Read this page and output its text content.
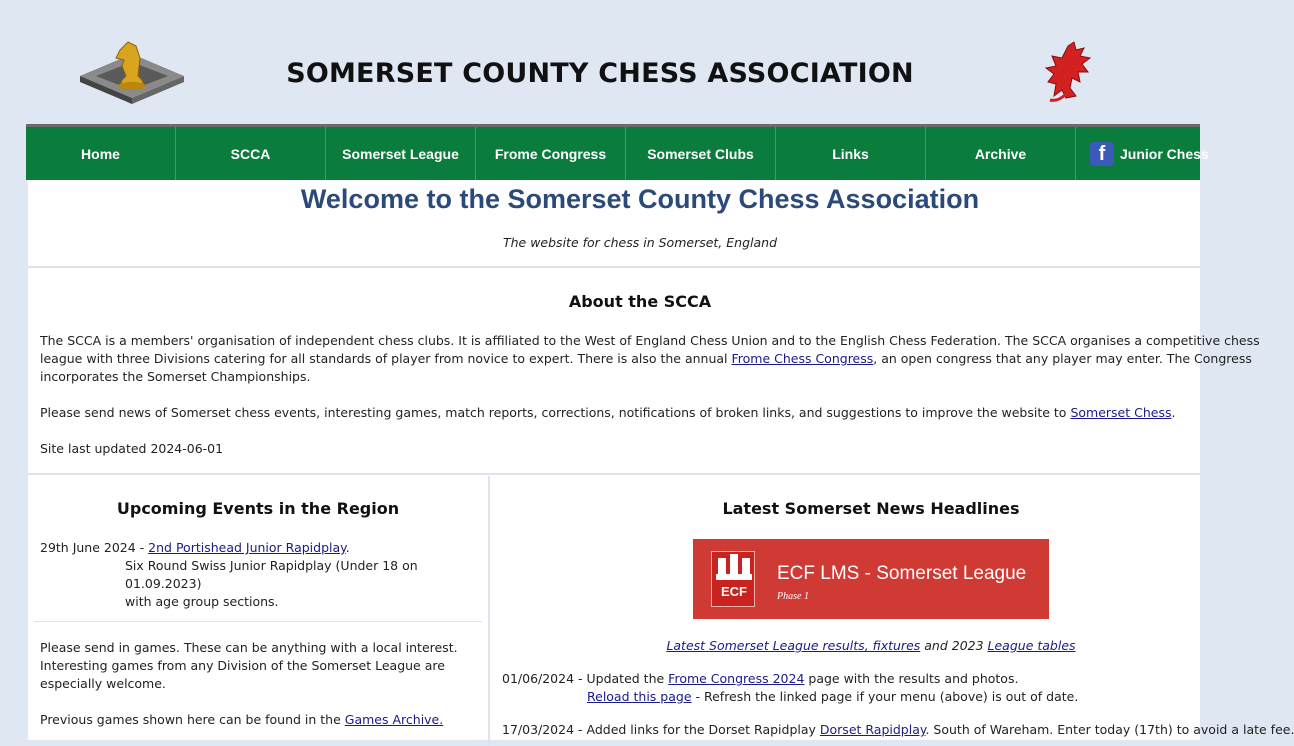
SOMERSET COUNTY CHESS ASSOCIATION
Home	SCCA	Somerset League	Frome Congress	Somerset Clubs	Links	Archive	f	Junior Chess
Welcome to the Somerset County Chess Association
The website for chess in Somerset, England
About the SCCA
The SCCA is a members' organisation of independent chess clubs. It is affiliated to the West of England Chess Union and to the English Chess Federation. The SCCA organises a competitive chess league with three Divisions catering for all standards of player from novice to expert. There is also the annual Frome Chess Congress, an open congress that any player may enter. The Congress incorporates the Somerset Championships.
Please send news of Somerset chess events, interesting games, match reports, corrections, notifications of broken links, and suggestions to improve the website to Somerset Chess.
Site last updated 2024-06-01
Upcoming Events in the Region
29th June 2024 - 2nd Portishead Junior Rapidplay.
Six Round Swiss Junior Rapidplay (Under 18 on 01.09.2023)
with age group sections.
Please send in games. These can be anything with a local interest. Interesting games from any Division of the Somerset League are especially welcome.
Previous games shown here can be found in the Games Archive.
Latest Somerset News Headlines
ECF
ECF LMS - Somerset League
Phase 1
Latest Somerset League results, fixtures and 2023 League tables
01/06/2024 - Updated the Frome Congress 2024 page with the results and photos.
Reload this page - Refresh the linked page if your menu (above) is out of date.
17/03/2024 - Added links for the Dorset Rapidplay Dorset Rapidplay. South of Wareham. Enter today (17th) to avoid a late fee.
